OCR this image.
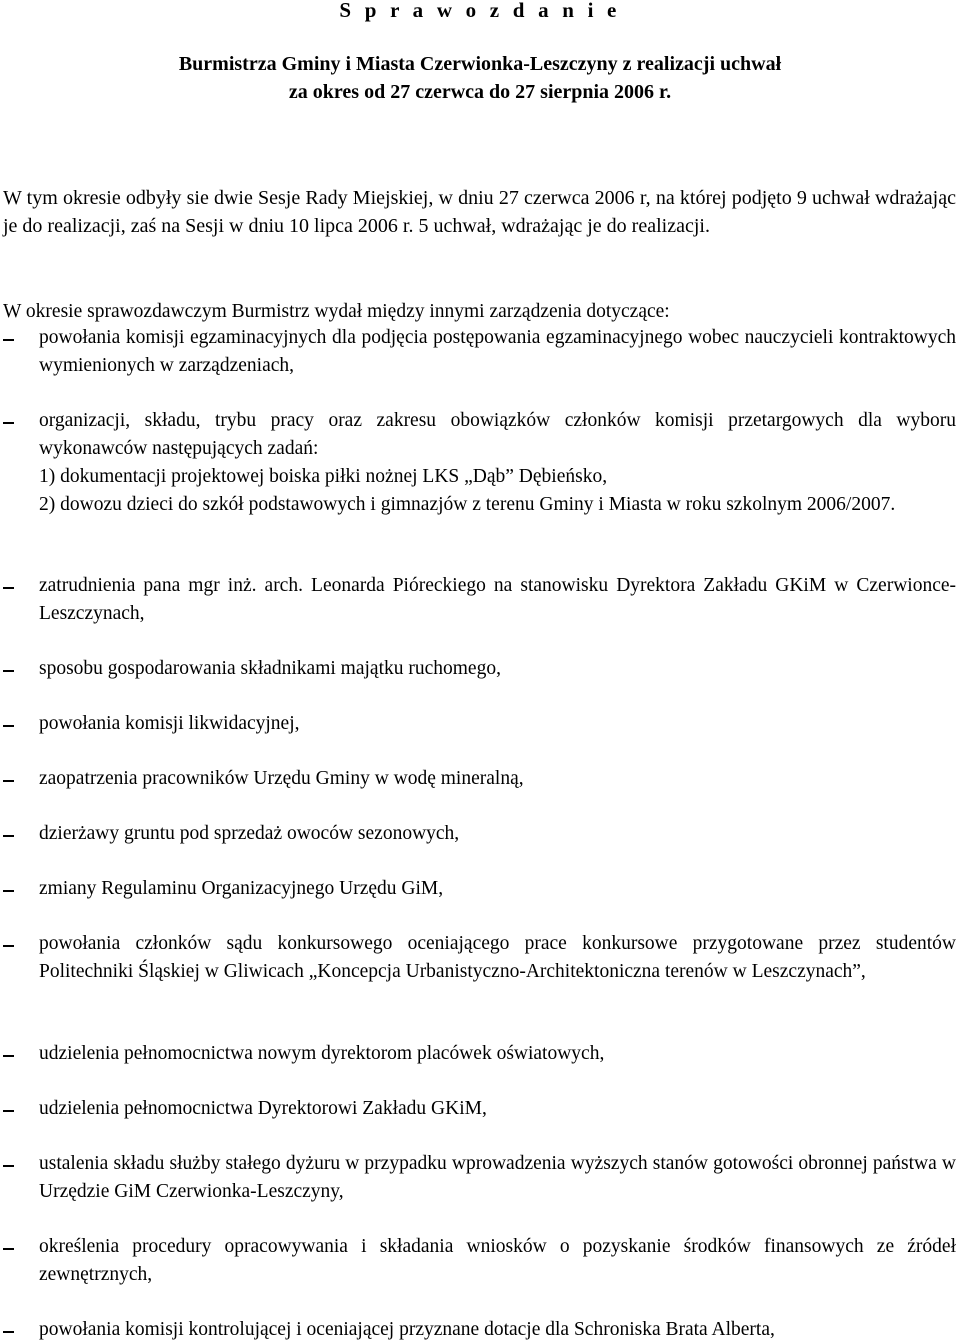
S p r a w o z d a n i e
Burmistrza Gminy i Miasta Czerwionka-Leszczyny z realizacji uchwał
za okres od 27 czerwca do 27 sierpnia 2006 r.
W tym okresie odbyły sie dwie Sesje Rady Miejskiej, w dniu 27 czerwca 2006 r, na której podjęto 9 uchwał wdrażając je do realizacji, zaś na Sesji w dniu 10 lipca 2006 r. 5 uchwał, wdrażając je do realizacji.
W okresie sprawozdawczym Burmistrz wydał między innymi zarządzenia dotyczące:
powołania komisji egzaminacyjnych dla podjęcia postępowania egzaminacyjnego wobec nauczycieli kontraktowych wymienionych w zarządzeniach,
organizacji, składu, trybu pracy oraz zakresu obowiązków członków komisji przetargowych dla wyboru wykonawców następujących zadań:
1) dokumentacji projektowej boiska piłki nożnej LKS „Dąb” Dębieńsko,
2) dowozu dzieci do szkół podstawowych i gimnazjów z terenu Gminy i Miasta w roku szkolnym 2006/2007.
zatrudnienia pana mgr inż. arch. Leonarda Pióreckiego na stanowisku Dyrektora Zakładu GKiM w Czerwionce-Leszczynach,
sposobu gospodarowania składnikami majątku ruchomego,
powołania komisji likwidacyjnej,
zaopatrzenia pracowników Urzędu Gminy w wodę mineralną,
dzierżawy gruntu pod sprzedaż owoców sezonowych,
zmiany Regulaminu Organizacyjnego Urzędu GiM,
powołania członków sądu konkursowego oceniającego prace konkursowe przygotowane przez studentów Politechniki Śląskiej w Gliwicach „Koncepcja Urbanistyczno-Architektoniczna terenów w Leszczynach”,
udzielenia pełnomocnictwa nowym dyrektorom placówek oświatowych,
udzielenia pełnomocnictwa Dyrektorowi Zakładu GKiM,
ustalenia składu służby stałego dyżuru w przypadku wprowadzenia wyższych stanów gotowości obronnej państwa w Urzędzie GiM Czerwionka-Leszczyny,
określenia procedury opracowywania i składania wniosków o pozyskanie środków finansowych ze źródeł zewnętrznych,
powołania komisji kontrolującej i oceniającej przyznane dotacje dla Schroniska Brata Alberta,
